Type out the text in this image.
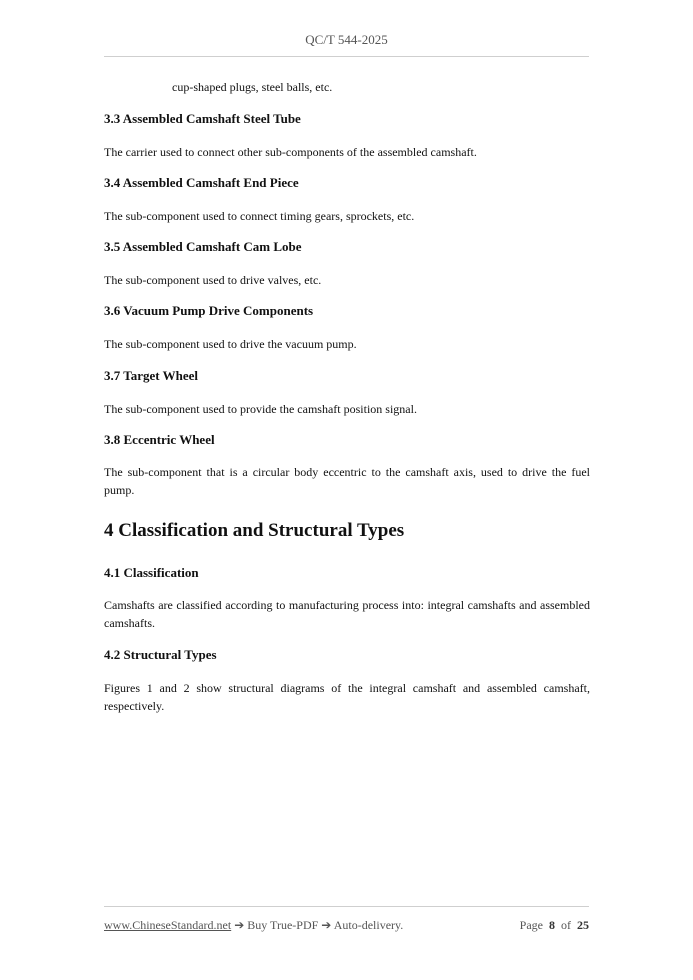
QC/T 544-2025

cup-shaped plugs, steel balls, etc.

3.3 Assembled Camshaft Steel Tube

The carrier used to connect other sub-components of the assembled camshaft.

3.4 Assembled Camshaft End Piece

The sub-component used to connect timing gears, sprockets, etc.

3.5 Assembled Camshaft Cam Lobe

The sub-component used to drive valves, etc.

3.6 Vacuum Pump Drive Components

The sub-component used to drive the vacuum pump.

3.7 Target Wheel

The sub-component used to provide the camshaft position signal.

3.8 Eccentric Wheel

The sub-component that is a circular body eccentric to the camshaft axis, used to drive the fuel pump.

4 Classification and Structural Types
4.1 Classification

Camshafts are classified according to manufacturing process into: integral camshafts and assembled camshafts.

4.2 Structural Types

Figures 1 and 2 show structural diagrams of the integral camshaft and assembled camshaft, respectively.

www.ChineseStandard.net ➔ Buy True-PDF ➔ Auto-delivery.	Page 8 of 25
